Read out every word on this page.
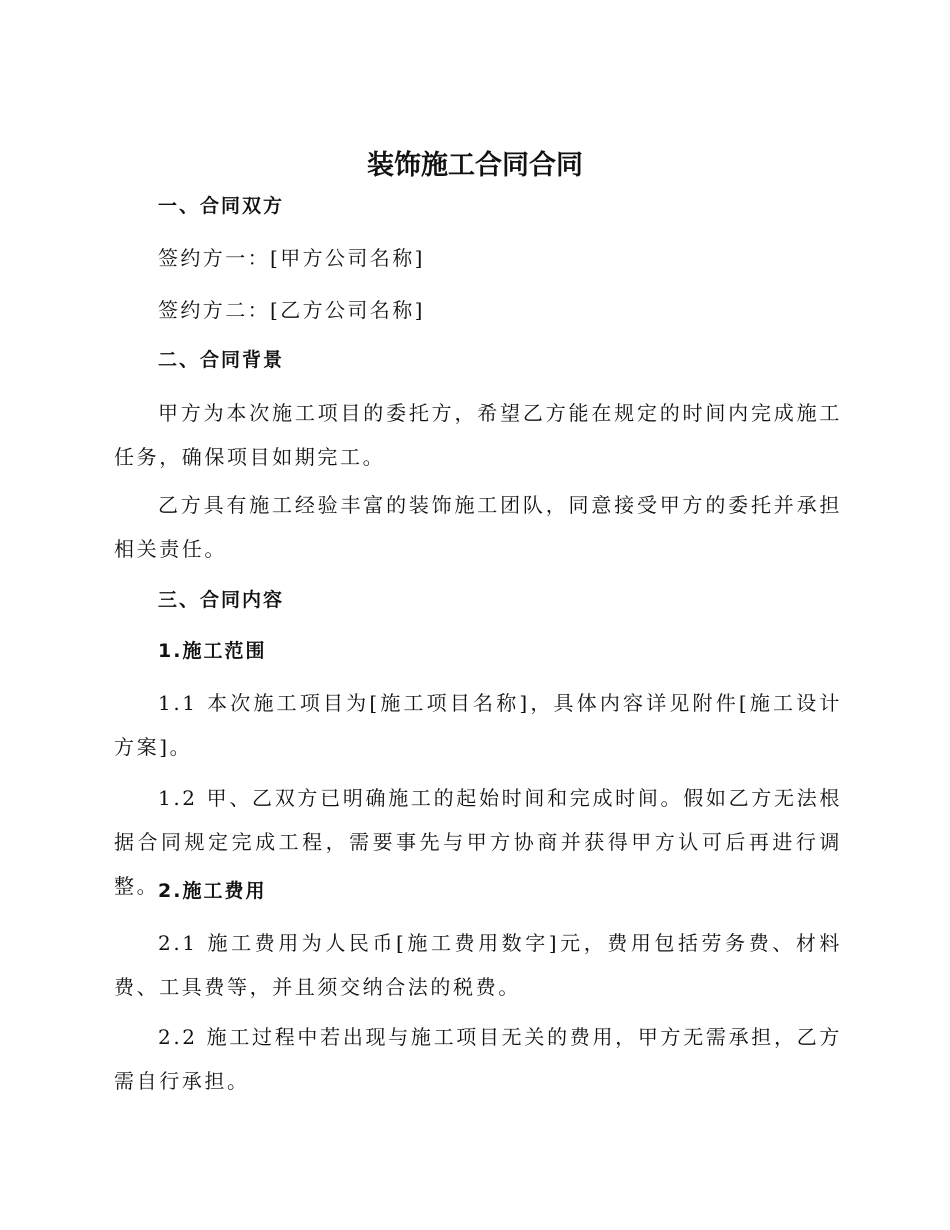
装饰施工合同合同
一、合同双方
签约方一：[甲方公司名称]
签约方二：[乙方公司名称]
二、合同背景
甲方为本次施工项目的委托方，希望乙方能在规定的时间内完成施工任务，确保项目如期完工。
乙方具有施工经验丰富的装饰施工团队，同意接受甲方的委托并承担相关责任。
三、合同内容
1.施工范围
1.1 本次施工项目为[施工项目名称]，具体内容详见附件[施工设计方案]。
1.2 甲、乙双方已明确施工的起始时间和完成时间。假如乙方无法根据合同规定完成工程，需要事先与甲方协商并获得甲方认可后再进行调整。
2.施工费用
2.1 施工费用为人民币[施工费用数字]元，费用包括劳务费、材料费、工具费等，并且须交纳合法的税费。
2.2 施工过程中若出现与施工项目无关的费用，甲方无需承担，乙方需自行承担。
